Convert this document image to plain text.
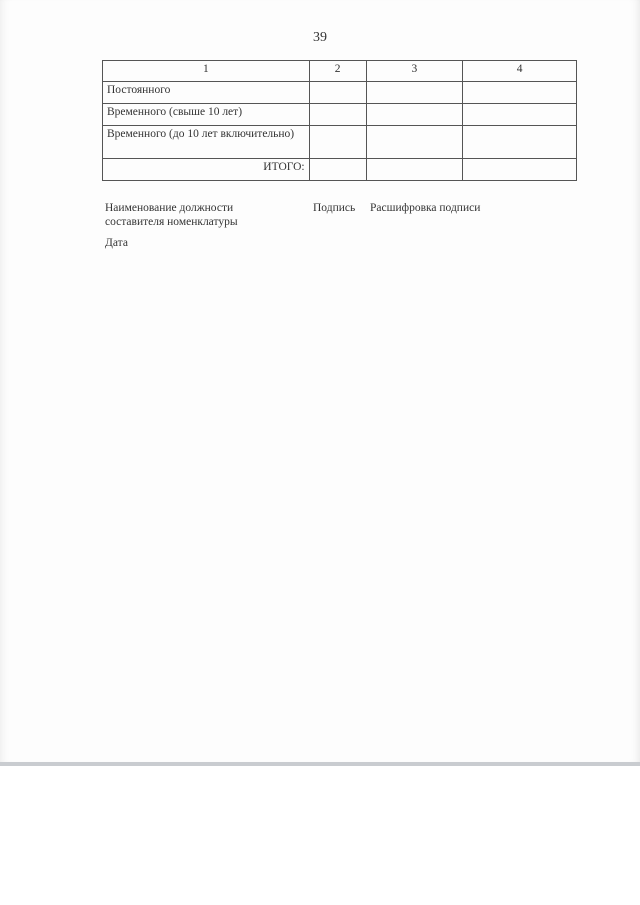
39
1	2	3	4
Постоянного			
Временного (свыше 10 лет)			
Временного (до 10 лет включительно)			
ИТОГО:			
Наименование должности составителя номенклатуры
Подпись Расшифровка подписи
Дата
